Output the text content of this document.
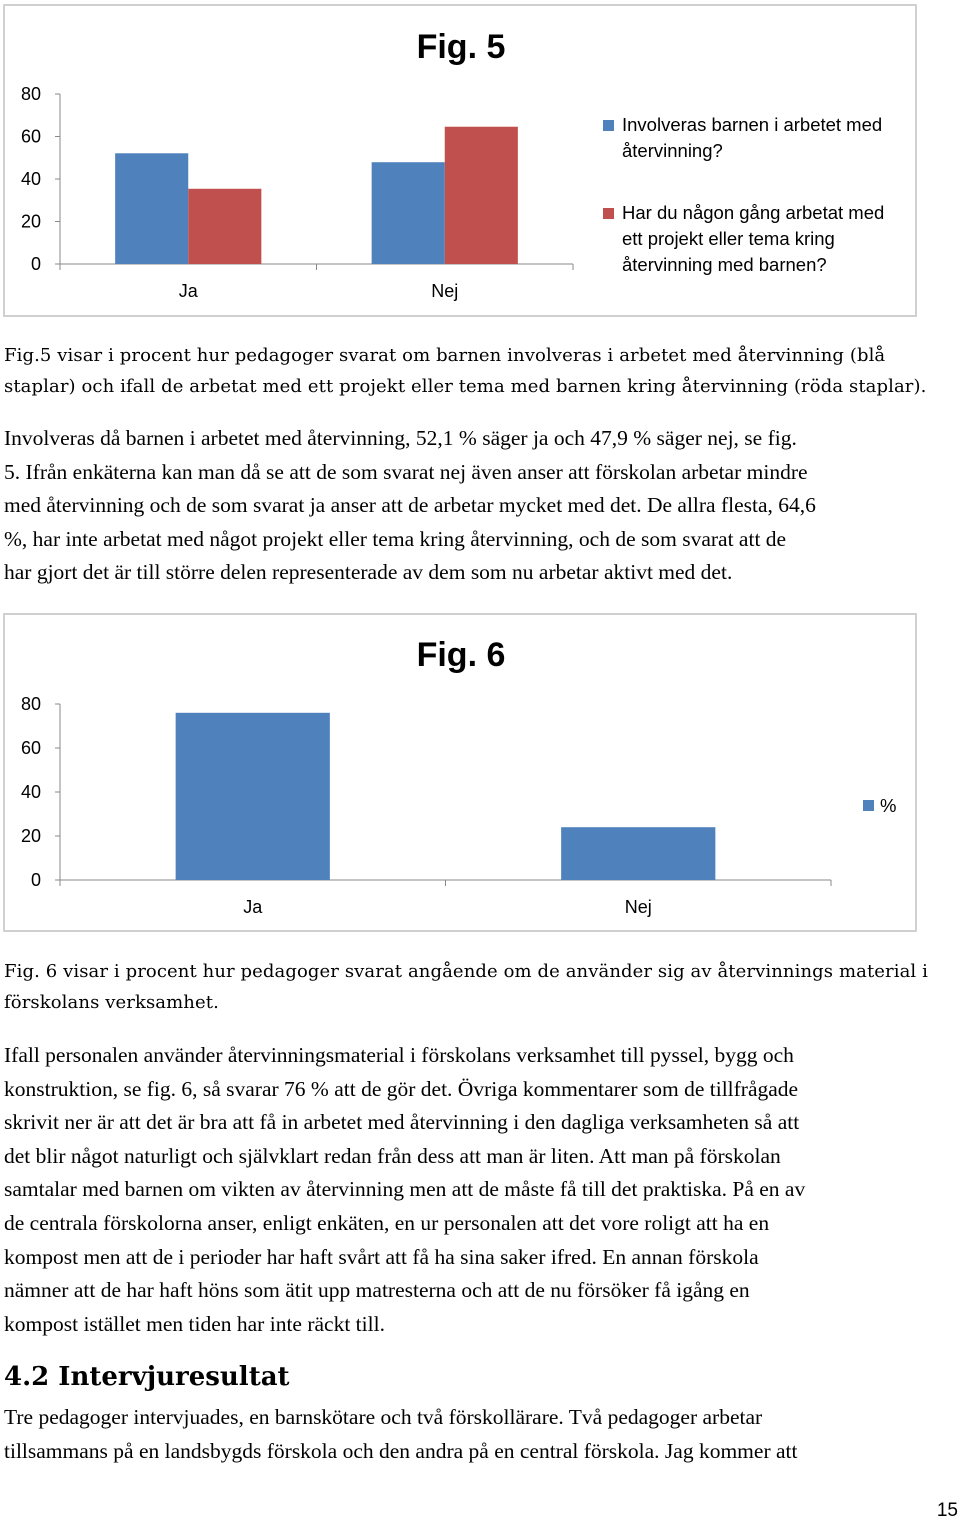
Fig. 5
0
20
40
60
80
Ja	Nej
Involveras barnen i arbetet med
återvinning?
Har du någon gång arbetat med
ett projekt eller tema kring
återvinning med barnen?
Fig.5 visar i procent hur pedagoger svarat om barnen involveras i arbetet med återvinning (blå
staplar) och ifall de arbetat med ett projekt eller tema med barnen kring återvinning (röda staplar).
Involveras då barnen i arbetet med återvinning, 52,1 % säger ja och 47,9 % säger nej, se fig.
5. Ifrån enkäterna kan man då se att de som svarat nej även anser att förskolan arbetar mindre
med återvinning och de som svarat ja anser att de arbetar mycket med det. De allra flesta, 64,6
%, har inte arbetat med något projekt eller tema kring återvinning, och de som svarat att de
har gjort det är till större delen representerade av dem som nu arbetar aktivt med det.
Fig. 6
0
20
40
60
80
Ja	Nej
%
Fig. 6 visar i procent hur pedagoger svarat angående om de använder sig av återvinnings material i
förskolans verksamhet.
Ifall personalen använder återvinningsmaterial i förskolans verksamhet till pyssel, bygg och
konstruktion, se fig. 6, så svarar 76 % att de gör det. Övriga kommentarer som de tillfrågade
skrivit ner är att det är bra att få in arbetet med återvinning i den dagliga verksamheten så att
det blir något naturligt och självklart redan från dess att man är liten. Att man på förskolan
samtalar med barnen om vikten av återvinning men att de måste få till det praktiska. På en av
de centrala förskolorna anser, enligt enkäten, en ur personalen att det vore roligt att ha en
kompost men att de i perioder har haft svårt att få ha sina saker ifred. En annan förskola
nämner att de har haft höns som ätit upp matresterna och att de nu försöker få igång en
kompost istället men tiden har inte räckt till.
4.2 Intervjuresultat
Tre pedagoger intervjuades, en barnskötare och två förskollärare. Två pedagoger arbetar
tillsammans på en landsbygds förskola och den andra på en central förskola. Jag kommer att
15
